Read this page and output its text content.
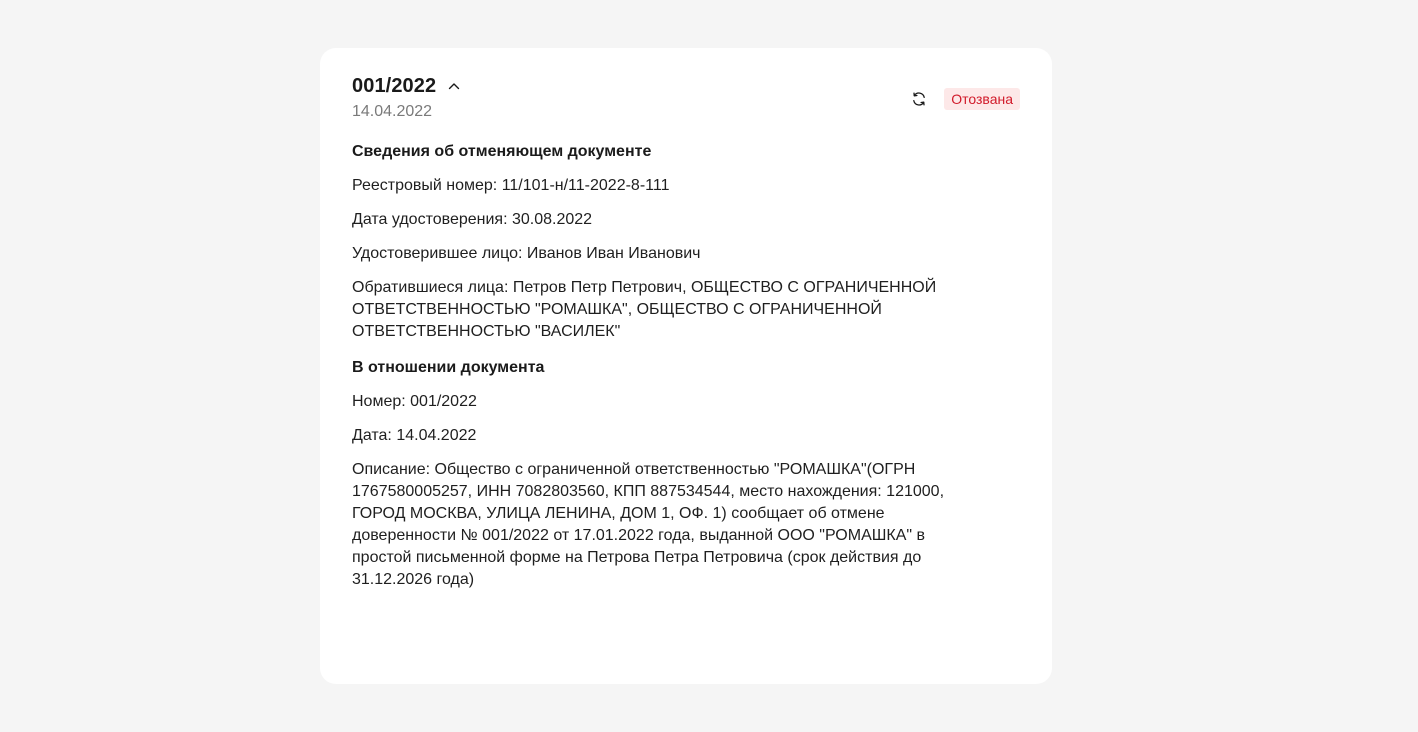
001/2022
14.04.2022
Отозвана
Сведения об отменяющем документе
Реестровый номер: 11/101-н/11-2022-8-111
Дата удостоверения: 30.08.2022
Удостоверившее лицо: Иванов Иван Иванович
Обратившиеся лица: Петров Петр Петрович, ОБЩЕСТВО С ОГРАНИЧЕННОЙ ОТВЕТСТВЕННОСТЬЮ "РОМАШКА", ОБЩЕСТВО С ОГРАНИЧЕННОЙ ОТВЕТСТВЕННОСТЬЮ "ВАСИЛЕК"
В отношении документа
Номер: 001/2022
Дата: 14.04.2022
Описание: Общество с ограниченной ответственностью "РОМАШКА"(ОГРН 1767580005257, ИНН 7082803560, КПП 887534544, место нахождения: 121000, ГОРОД МОСКВА, УЛИЦА ЛЕНИНА, ДОМ 1, ОФ. 1) сообщает об отмене доверенности № 001/2022 от 17.01.2022 года, выданной ООО "РОМАШКА" в простой письменной форме на Петрова Петра Петровича (срок действия до 31.12.2026 года)
